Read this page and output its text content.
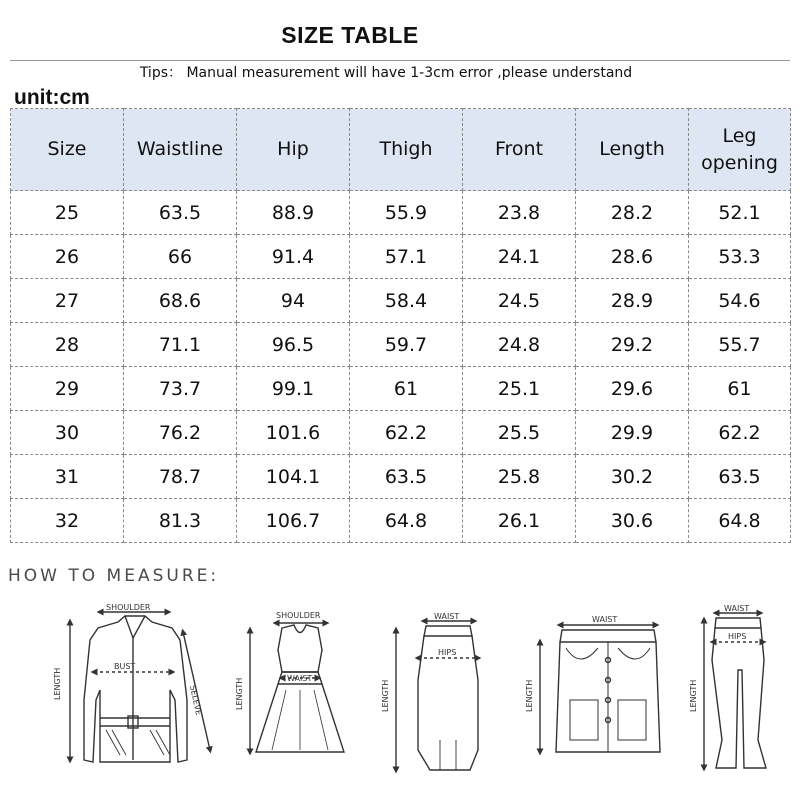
SIZE TABLE
Tips： Manual measurement will have 1-3cm error ,please understand
unit:cm
Size	Waistline	Hip	Thigh	Front	Length	Leg opening
25	63.5	88.9	55.9	23.8	28.2	52.1
26	66	91.4	57.1	24.1	28.6	53.3
27	68.6	94	58.4	24.5	28.9	54.6
28	71.1	96.5	59.7	24.8	29.2	55.7
29	73.7	99.1	61	25.1	29.6	61
30	76.2	101.6	62.2	25.5	29.9	62.2
31	78.7	104.1	63.5	25.8	30.2	63.5
32	81.3	106.7	64.8	26.1	30.6	64.8
HOW TO MEASURE:
SHOULDER
BUST
LENGTH
SELEVE
SHOULDER
WAIST
LENGTH
WAIST
HIPS
LENGTH
WAIST
LENGTH
WAIST
HIPS
LENGTH
